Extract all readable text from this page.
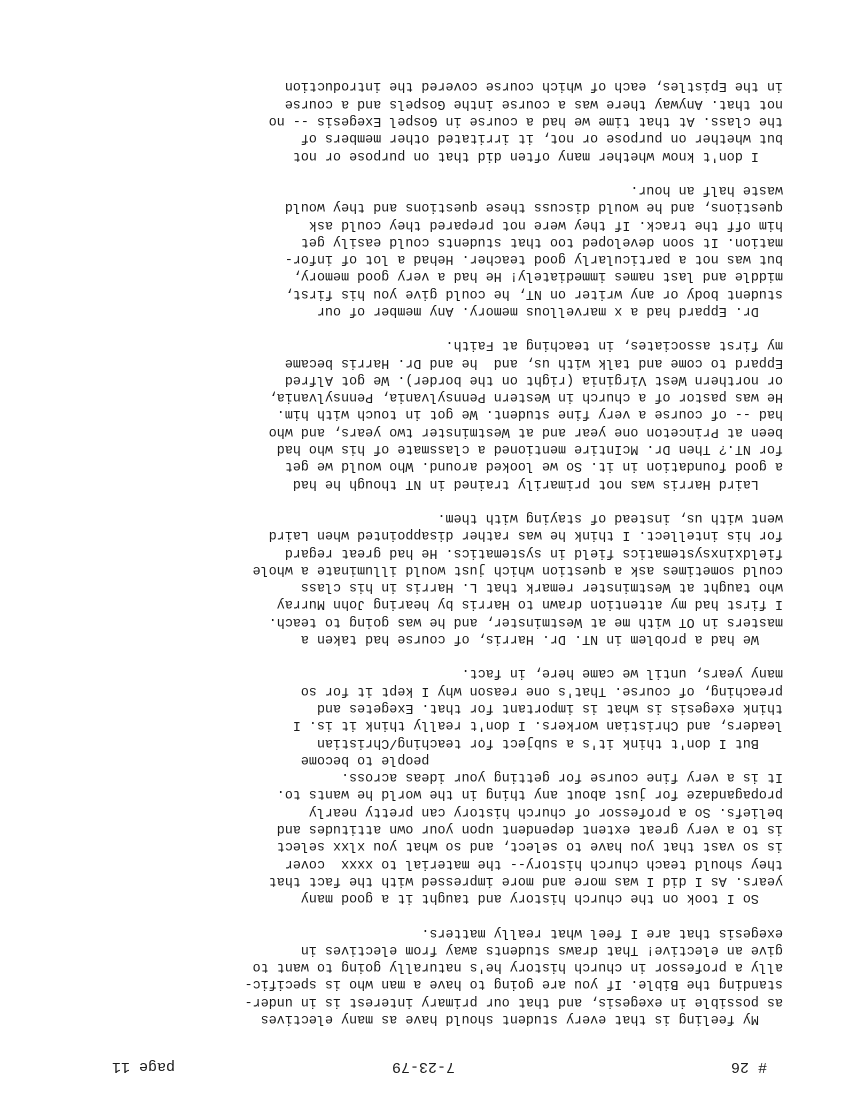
# 26
7-23-79
page 11
My feeling is that every student should have as many electives
as possible in exegesis, and that our primary interest is in under-
standing the Bible. If you are going to have a man who is specific-
ally a professor in church history he's naturally going to want to
give an elective! That draws students away from electives in
exegesis that are I feel what really matters.
So I took on the church history and taught it a good many
years. As I did I was more and more impressed with the fact that
they should teach church history-- the material to xxxx  cover
is so vast that you have to select, and so what you xlxx select
is to a very great extent dependent upon your own attitudes and
beliefs. So a professor of church history can pretty nearly
propagandaze for just about any thing in the world he wants to.
It is a very fine course for getting your ideas across.
people to become
But I don't think it's a subject for teaching/Christian
leaders, and Christian workers. I don't really think it is. I
think exegesis is what is important for that. Exegetes and
preaching, of course. That's one reason why I kept it for so
many years, until we came here, in fact.
We had a problem in NT. Dr. Harris, of course had taken a
masters in OT with me at Westminster, and he was going to teach.
I first had my attention drawn to Harris by hearing John Murray
who taught at Westminster remark that L. Harris in his class
could sometimes ask a question which just would illuminate a whole
fieldxinxsystematics field in systematics. He had great regard
for his intellect. I think he was rather disappointed when Laird
went with us, instead of staying with them.
Laird Harris was not primarily trained in NT though he had
a good foundation in it. So we looked around. Who would we get
for NT.? Then Dr. McIntire mentioned a classmate of his who had
been at Princeton one year and at Westminster two years, and who
had -- of course a very fine student. We got in touch with him.
He was pastor of a church in Western Pennsylvania, Pennsylvania,
or northern West Virginia (right on the border). We got Alfred
Eppard to come and talk with us, and  he and Dr. Harris became
my first associates, in teaching at Faith.
Dr. Eppard had a x marvellous memory. Any member of our
student body or any writer on NT, he could give you his first,
middle and last names immediately! He had a very good memory,
but was not a particularly good teacher. Hehad a lot of infor-
mation. It soon developed too that students could easily get
him off the track. If they were not prepared they could ask
questions, and he would discuss these questions and they would
waste half an hour.
I don't know whether many often did that on purpose or not
but whether on purpose or not, it irritated other members of
the class. At that time we had a course in Gospel Exegesis -- no
not that. Anyway there was a course inthe Gospels and a course
in the Epistles, each of which course covered the introduction
